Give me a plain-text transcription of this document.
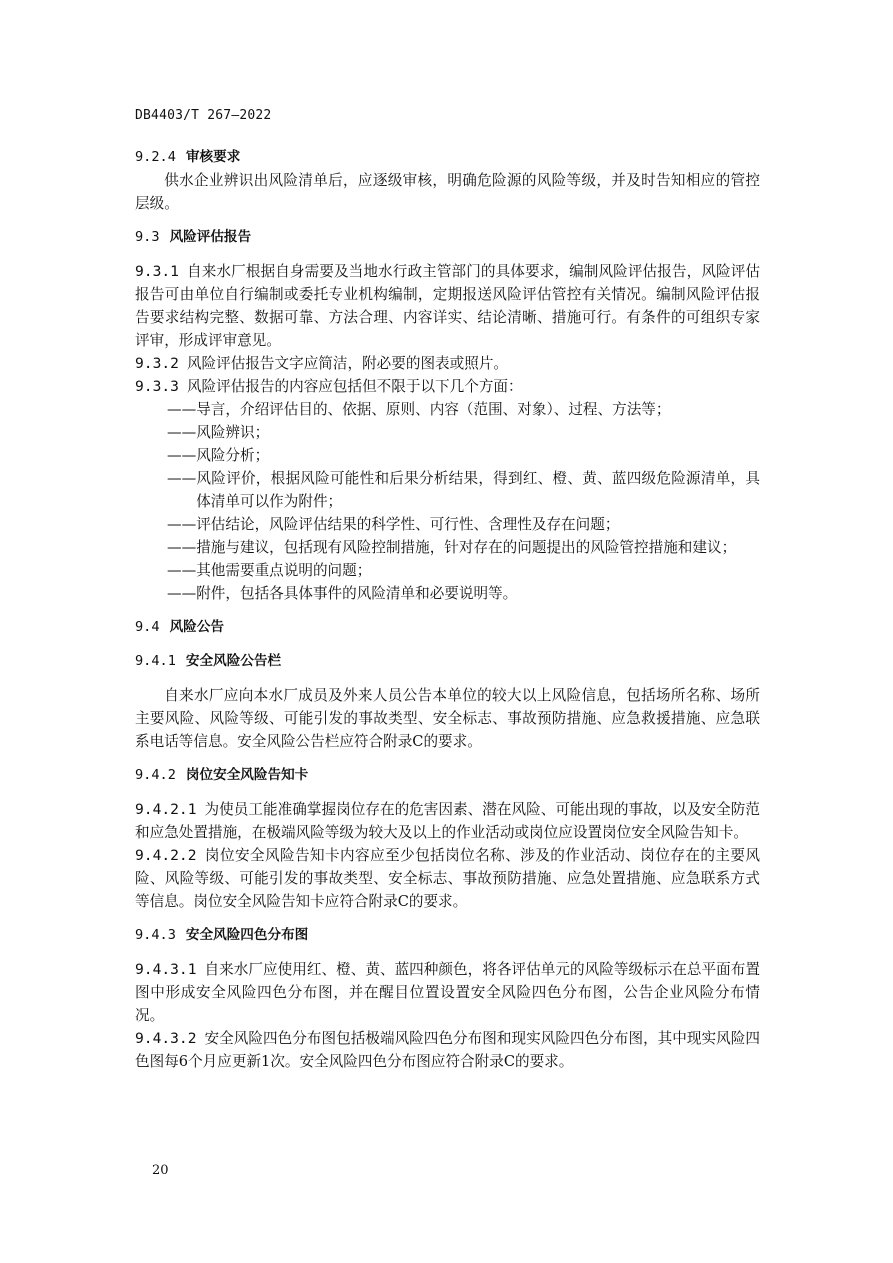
DB4403/T 267—2022

9.2.4 审核要求

供水企业辨识出风险清单后，应逐级审核，明确危险源的风险等级，并及时告知相应的管控层级。

9.3 风险评估报告

9.3.1 自来水厂根据自身需要及当地水行政主管部门的具体要求，编制风险评估报告，风险评估报告可由单位自行编制或委托专业机构编制，定期报送风险评估管控有关情况。编制风险评估报告要求结构完整、数据可靠、方法合理、内容详实、结论清晰、措施可行。有条件的可组织专家评审，形成评审意见。

9.3.2 风险评估报告文字应简洁，附必要的图表或照片。

9.3.3 风险评估报告的内容应包括但不限于以下几个方面：

——导言，介绍评估目的、依据、原则、内容（范围、对象）、过程、方法等；

——风险辨识；

——风险分析；

——风险评价，根据风险可能性和后果分析结果，得到红、橙、黄、蓝四级危险源清单，具体清单可以作为附件；

——评估结论，风险评估结果的科学性、可行性、含理性及存在问题；

——措施与建议，包括现有风险控制措施，针对存在的问题提出的风险管控措施和建议；

——其他需要重点说明的问题；

——附件，包括各具体事件的风险清单和必要说明等。

9.4 风险公告

9.4.1 安全风险公告栏

自来水厂应向本水厂成员及外来人员公告本单位的较大以上风险信息，包括场所名称、场所主要风险、风险等级、可能引发的事故类型、安全标志、事故预防措施、应急救援措施、应急联系电话等信息。安全风险公告栏应符合附录C的要求。

9.4.2 岗位安全风险告知卡

9.4.2.1 为使员工能准确掌握岗位存在的危害因素、潜在风险、可能出现的事故，以及安全防范和应急处置措施，在极端风险等级为较大及以上的作业活动或岗位应设置岗位安全风险告知卡。

9.4.2.2 岗位安全风险告知卡内容应至少包括岗位名称、涉及的作业活动、岗位存在的主要风险、风险等级、可能引发的事故类型、安全标志、事故预防措施、应急处置措施、应急联系方式等信息。岗位安全风险告知卡应符合附录C的要求。

9.4.3 安全风险四色分布图

9.4.3.1 自来水厂应使用红、橙、黄、蓝四种颜色，将各评估单元的风险等级标示在总平面布置图中形成安全风险四色分布图，并在醒目位置设置安全风险四色分布图，公告企业风险分布情况。

9.4.3.2 安全风险四色分布图包括极端风险四色分布图和现实风险四色分布图，其中现实风险四色图每6个月应更新1次。安全风险四色分布图应符合附录C的要求。

20
